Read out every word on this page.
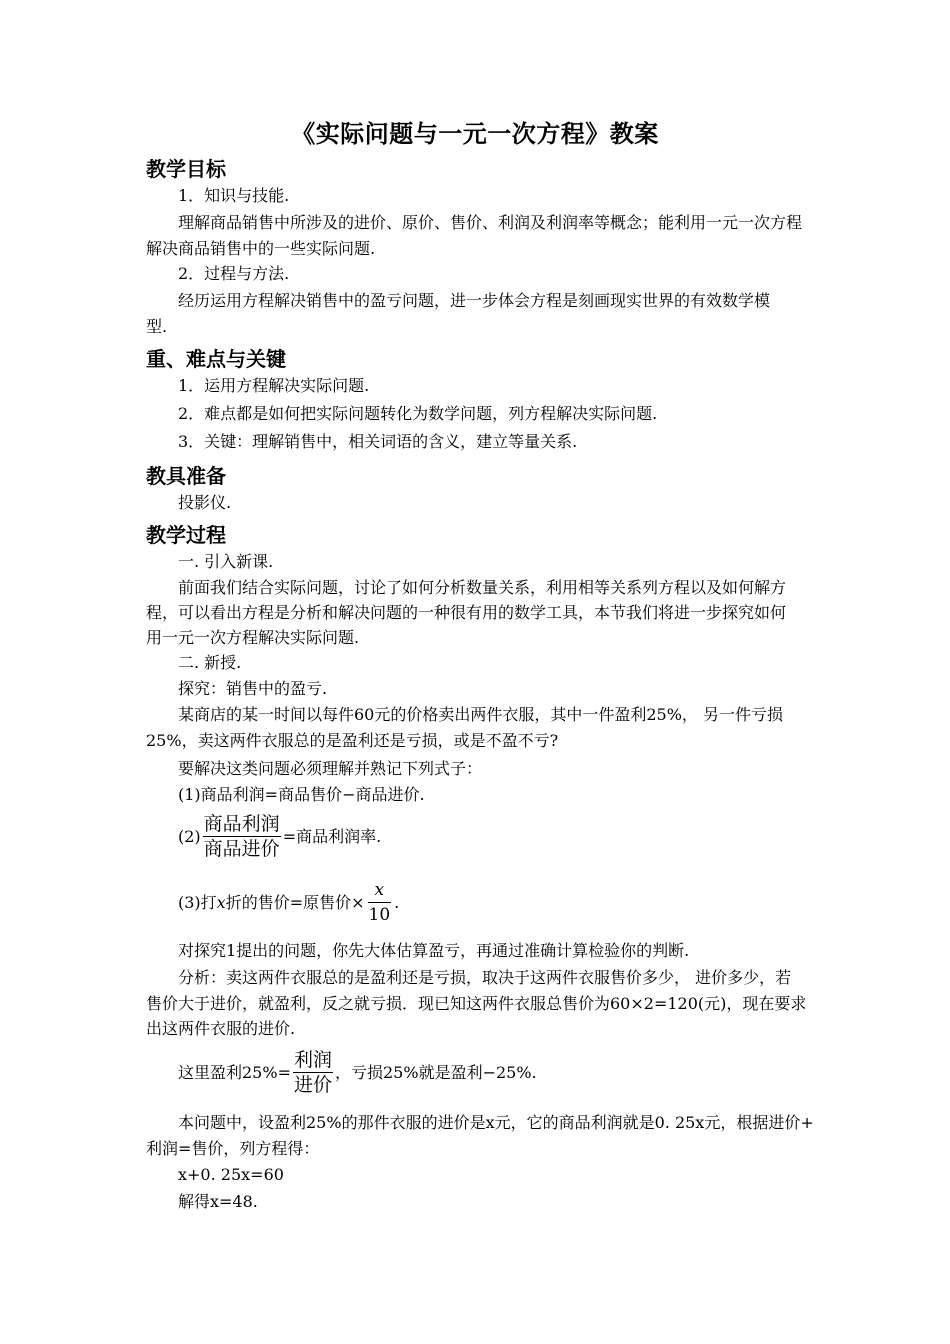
《实际问题与一元一次方程》教案
教学目标
1．知识与技能.
理解商品销售中所涉及的进价、原价、售价、利润及利润率等概念；能利用一元一次方程
解决商品销售中的一些实际问题.
2．过程与方法.
经历运用方程解决销售中的盈亏问题，进一步体会方程是刻画现实世界的有效数学模
型.
重、难点与关键
1．运用方程解决实际问题.
2．难点都是如何把实际问题转化为数学问题，列方程解决实际问题.
3．关键：理解销售中，相关词语的含义，建立等量关系.
教具准备
投影仪.
教学过程
一. 引入新课.
前面我们结合实际问题，讨论了如何分析数量关系，利用相等关系列方程以及如何解方
程，可以看出方程是分析和解决问题的一种很有用的数学工具，本节我们将进一步探究如何
用一元一次方程解决实际问题.
二. 新授.
探究：销售中的盈亏.
某商店的某一时间以每件60元的价格卖出两件衣服，其中一件盈利25%， 另一件亏损
25%，卖这两件衣服总的是盈利还是亏损，或是不盈不亏?
要解决这类问题必须理解并熟记下列式子：
(1)商品利润=商品售价−商品进价.
$(2) \frac{\text{商品利润}}{\text{商品进价}}$ =商品利润率.
(3)打 x 折的售价=原售价× $\frac{x}{10}$ .
对探究1提出的问题，你先大体估算盈亏，再通过准确计算检验你的判断.
分析：卖这两件衣服总的是盈利还是亏损，取决于这两件衣服售价多少， 进价多少，若
售价大于进价，就盈利，反之就亏损．现已知这两件衣服总售价为60×2=120(元)，现在要求
出这两件衣服的进价.
这里盈利$25\%= \frac{\text{利润}}{\text{进价}}$ ，亏损25%就是盈利−25%.
本问题中，设盈利25%的那件衣服的进价是x元，它的商品利润就是0. 25x元，根据进价+
利润=售价，列方程得：
x+0. 25x=60
解得x=48.
